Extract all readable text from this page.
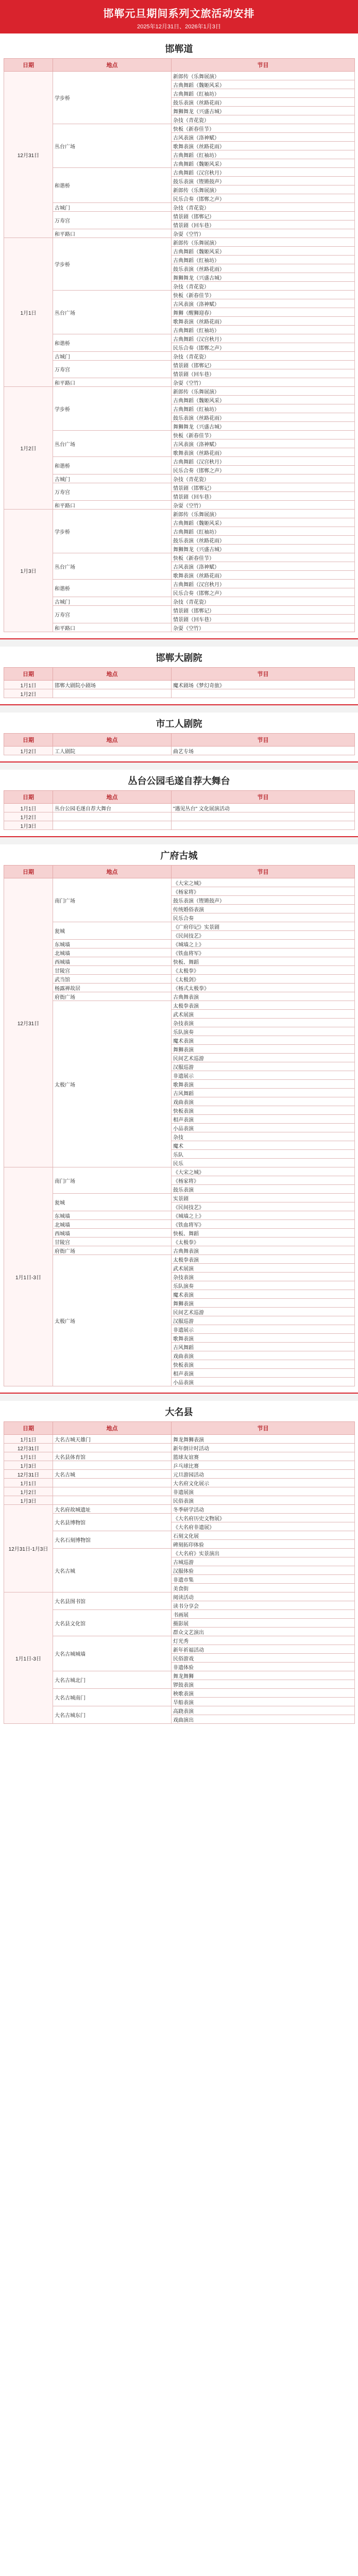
邯郸元旦期间系列文旅活动安排
2025年12月31日、2026年1月3日
邯郸道
日期	地点	节目
12月31日	学步桥	新郎传（乐舞展演）
		古典舞蹈（魏姬风采）
		古典舞蹈（红袖坊）
		鼓乐表演（丝路花雨）
		舞狮舞龙（兴盛古城）
		杂技（青花瓷）
	丛台广场	快板（新春佳节）
		古风表演（洛神赋）
		歌舞表演（丝路花雨）
		古典舞蹈（红袖坊）
		古典舞蹈（魏姬风采）
	和谐桥	古典舞蹈（汉宫秋月）
		鼓乐表演（铿锵鼓声）
		新郎传（乐舞展演）
		民乐合奏（邯郸之声）
	古城门	杂技（青花瓷）
	万寿宫	情景剧（邯郸记）
		情景剧（回车巷）
	和平路口	杂耍（空竹）
1月1日	学步桥	新郎传（乐舞展演）
		古典舞蹈（魏姬风采）
		古典舞蹈（红袖坊）
		鼓乐表演（丝路花雨）
		舞狮舞龙（兴盛古城）
		杂技（青花瓷）
	丛台广场	快板（新春佳节）
		古风表演（洛神赋）
		舞狮（醒狮迎春）
		歌舞表演（丝路花雨）
		古典舞蹈（红袖坊）
	和谐桥	古典舞蹈（汉宫秋月）
		民乐合奏（邯郸之声）
	古城门	杂技（青花瓷）
	万寿宫	情景剧（邯郸记）
		情景剧（回车巷）
	和平路口	杂耍（空竹）
1月2日	学步桥	新郎传（乐舞展演）
		古典舞蹈（魏姬风采）
		古典舞蹈（红袖坊）
		鼓乐表演（丝路花雨）
		舞狮舞龙（兴盛古城）
	丛台广场	快板（新春佳节）
		古风表演（洛神赋）
		歌舞表演（丝路花雨）
	和谐桥	古典舞蹈（汉宫秋月）
		民乐合奏（邯郸之声）
	古城门	杂技（青花瓷）
	万寿宫	情景剧（邯郸记）
		情景剧（回车巷）
	和平路口	杂耍（空竹）
1月3日	学步桥	新郎传（乐舞展演）
		古典舞蹈（魏姬风采）
		古典舞蹈（红袖坊）
		鼓乐表演（丝路花雨）
		舞狮舞龙（兴盛古城）
	丛台广场	快板（新春佳节）
		古风表演（洛神赋）
		歌舞表演（丝路花雨）
	和谐桥	古典舞蹈（汉宫秋月）
		民乐合奏（邯郸之声）
	古城门	杂技（青花瓷）
	万寿宫	情景剧（邯郸记）
		情景剧（回车巷）
	和平路口	杂耍（空竹）
邯郸大剧院
日期	地点	节目
1月1日	邯郸大剧院小剧场	魔术剧场《梦幻奇旅》
1月2日		
市工人剧院
日期	地点	节目
1月2日	工人剧院	曲艺专场
丛台公园毛遂自荐大舞台
日期	地点	节目
1月1日	丛台公园毛遂自荐大舞台	"遇见丛台" 文化展演活动
1月2日		
1月3日		
广府古城
日期	地点	节目
12月31日	南门广场	《大宋之城》
		《杨家将》
		鼓乐表演（铿锵鼓声）
		传统婚俗表演
		民乐合奏
	瓮城	《广府印记》实景剧
		《民间技艺》
	东城墙	《城墙之上》
	北城墙	《铁血将军》
	西城墙	快板、舞蹈
	甘陵宫	《太极拳》
	武当馆	《太极剑》
	杨露禅故居	《杨式太极拳》
	府衙广场	古典舞表演
	太极广场	太极拳表演
		武术展演
		杂技表演
		乐队演奏
		魔术表演
		舞狮表演
		民间艺术巡游
		汉服巡游
		非遗展示
		歌舞表演
		古风舞蹈
		戏曲表演
		快板表演
		相声表演
		小品表演
		杂技
		魔术
		乐队
		民乐
1月1日-3日	南门广场	《大宋之城》
		《杨家将》
		鼓乐表演
	瓮城	实景剧
		《民间技艺》
	东城墙	《城墙之上》
	北城墙	《铁血将军》
	西城墙	快板、舞蹈
	甘陵宫	《太极拳》
	府衙广场	古典舞表演
	太极广场	太极拳表演
		武术展演
		杂技表演
		乐队演奏
		魔术表演
		舞狮表演
		民间艺术巡游
		汉服巡游
		非遗展示
		歌舞表演
		古风舞蹈
		戏曲表演
		快板表演
		相声表演
		小品表演
大名县
日期	地点	节目
1月1日	大名古城天雄门	舞龙舞狮表演
12月31日		新年倒计时活动
1月1日	大名县体育馆	篮球友谊赛
1月3日		乒乓球比赛
12月31日	大名古城	元旦游园活动
1月1日		大名府文化展示
1月2日		非遗展演
1月3日		民俗表演
12月31日-1月3日	大名府故城遗址	冬季研学活动
	大名县博物馆	《大名府历史文物展》
		《大名府非遗展》
	大名石刻博物馆	石刻文化展
		碑刻拓印体验
	大名古城	《大名府》实景演出
		古城巡游
		汉服体验
		非遗市集
		美食街
1月1日-3日	大名县图书馆	阅读活动
		读书分享会
	大名县文化馆	书画展
		摄影展
		群众文艺演出
	大名古城城墙	灯光秀
		新年祈福活动
		民俗游戏
		非遗体验
	大名古城北门	舞龙舞狮
		锣鼓表演
	大名古城南门	秧歌表演
		旱船表演
	大名古城东门	高跷表演
		戏曲演出
